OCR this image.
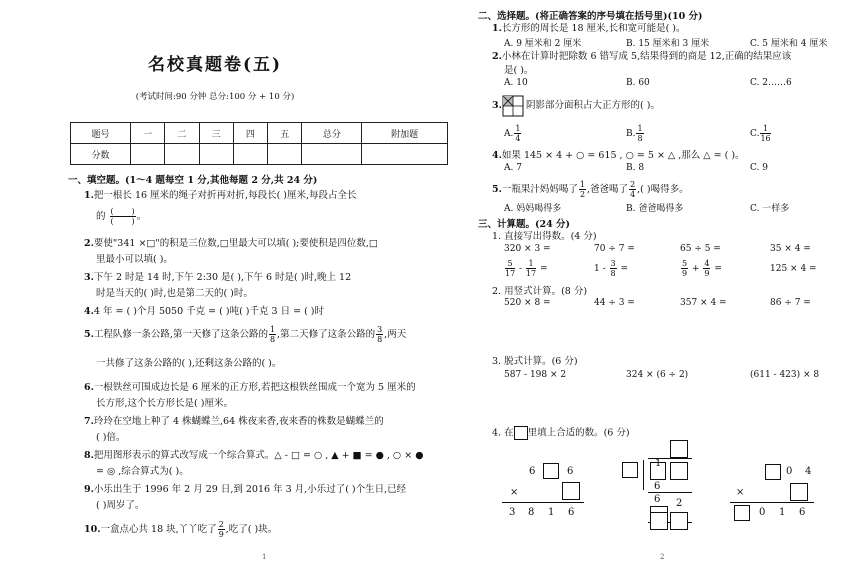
名校真题卷(五)
(考试时间:90 分钟 总分:100 分 + 10 分)
题号	一	二	三	四	五	总分	附加题
分数							
一、填空题。(1～4 题每空 1 分,其他每题 2 分,共 24 分)
1.把一根长 16 厘米的绳子对折再对折,每段长( )厘米,每段占全长
的 $\frac{( )}{( )}$ 。
2.要使"341 ×□"的积是三位数,□里最大可以填( );要使积是四位数,□
里最小可以填( )。
3.下午 2 时是 14 时,下午 2:30 是( ),下午 6 时是( )时,晚上 12
时是当天的( )时,也是第二天的( )时。
4.4 年 = ( )个月 5050 千克 = ( )吨( )千克 3 日 = ( )时
5.工程队修一条公路,第一天修了这条公路的 $\frac{1}{8}$ ,第二天修了这条公路的 $\frac{3}{8}$ ,两天
一共修了这条公路的( ),还剩这条公路的( )。
6.一根铁丝可围成边长是 6 厘米的正方形,若把这根铁丝围成一个宽为 5 厘米的
长方形,这个长方形长是( )厘米。
7.玲玲在空地上种了 4 株蝴蝶兰,64 株夜来香,夜来香的株数是蝴蝶兰的
( )倍。
8.把用图形表示的算式改写成一个综合算式。△ - □ = ○ , ▲ + ■ = ● , ○ × ●
= ◎ ,综合算式为( )。
9.小乐出生于 1996 年 2 月 29 日,到 2016 年 3 月,小乐过了( )个生日,已经
( )周岁了。
10.一盒点心共 18 块,丫丫吃了 $\frac{2}{9}$ ,吃了( )块。
1
二、选择题。(将正确答案的序号填在括号里)(10 分)
1.长方形的周长是 18 厘米,长和宽可能是( )。
A. 9 厘米和 2 厘米	B. 15 厘米和 3 厘米	C. 5 厘米和 4 厘米
2.小林在计算时把除数 6 错写成 5,结果得到的商是 12,正确的结果应该
是( )。
A. 10	B. 60	C. 2……6
3.	阴影部分面积占大正方形的( )。
A. $\frac{1}{4}$	B. $\frac{1}{8}$	C. $\frac{1}{16}$
4.如果 145 × 4 + ○ = 615 , ○ = 5 × △ ,那么 △ = ( )。
A. 7	B. 8	C. 9
5.一瓶果汁妈妈喝了 $\frac{1}{2}$ ,爸爸喝了 $\frac{2}{4}$ ,( )喝得多。
A. 妈妈喝得多	B. 爸爸喝得多	C. 一样多
三、计算题。(24 分)
1. 直接写出得数。(4 分)
320 × 3 =	70 ÷ 7 =	65 ÷ 5 =	35 × 4 =
$\frac{5}{17} - \frac{1}{17}$ =	$1 - \frac{3}{8}$ =	$\frac{5}{9} + \frac{4}{9}$ =	125 × 4 =
2. 用竖式计算。(8 分)
520 × 8 =	44 ÷ 3 =	357 × 4 =	86 ÷ 7 =
3. 脱式计算。(6 分)
587 - 198 × 2	324 × (6 ÷ 2)	(611 - 423) × 8
4. 在 里填上合适的数。(6 分)
6	6
×
3 8 1 6
1
6
6 2
0 4
×
0 1 6
2
